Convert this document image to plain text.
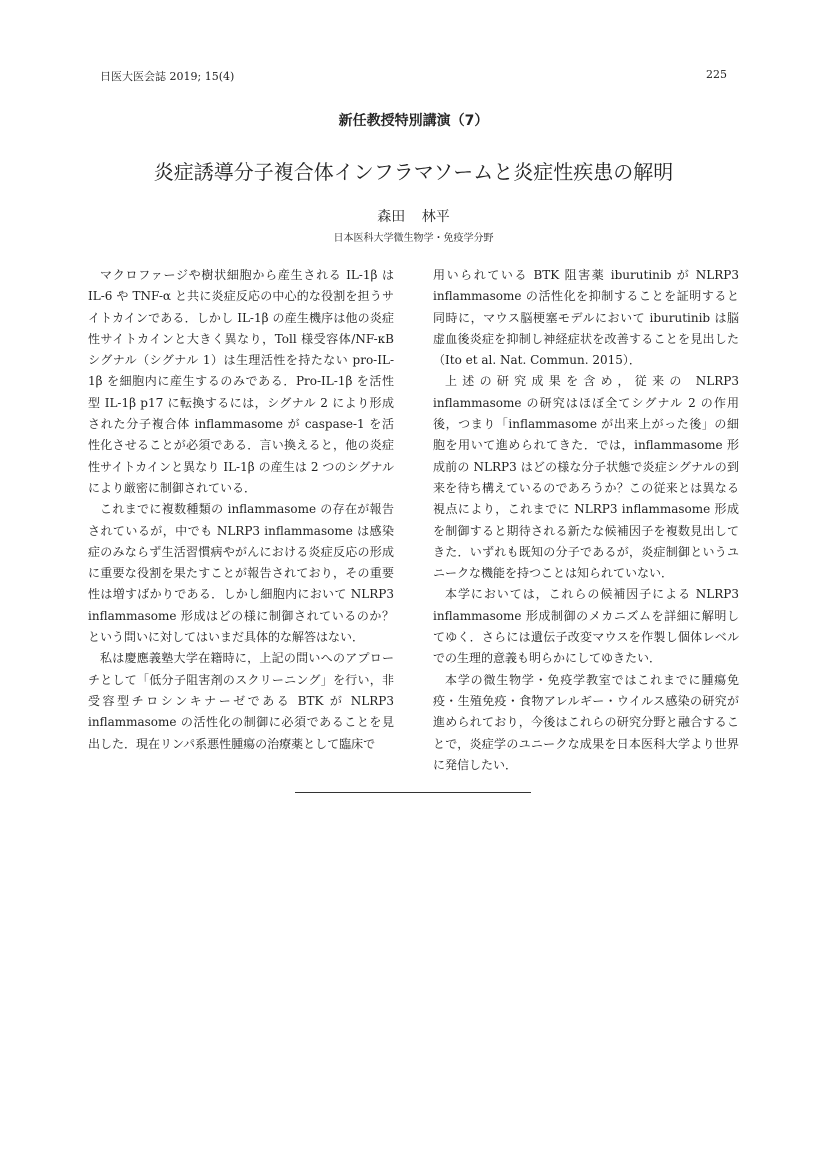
日医大医会誌 2019; 15(4)	225
新任教授特別講演（7）
炎症誘導分子複合体インフラマソームと炎症性疾患の解明
森田 林平
日本医科大学微生物学・免疫学分野

マクロファージや樹状細胞から産生される IL-1β は IL-6 や TNF-α と共に炎症反応の中心的な役割を担うサイトカインである．しかし IL-1β の産生機序は他の炎症性サイトカインと大きく異なり，Toll 様受容体/NF-κB シグナル（シグナル 1）は生理活性を持たない pro-IL-1β を細胞内に産生するのみである．Pro-IL-1β を活性型 IL-1β p17 に転換するには，シグナル 2 により形成された分子複合体 inflammasome が caspase-1 を活性化させることが必須である．言い換えると，他の炎症性サイトカインと異なり IL-1β の産生は 2 つのシグナルにより厳密に制御されている．

これまでに複数種類の inflammasome の存在が報告されているが，中でも NLRP3 inflammasome は感染症のみならず生活習慣病やがんにおける炎症反応の形成に重要な役割を果たすことが報告されており，その重要性は増すばかりである．しかし細胞内において NLRP3 inflammasome 形成はどの様に制御されているのか？という問いに対してはいまだ具体的な解答はない．

私は慶應義塾大学在籍時に，上記の問いへのアプローチとして「低分子阻害剤のスクリーニング」を行い，非受容型チロシンキナーゼである BTK が NLRP3 inflammasome の活性化の制御に必須であることを見出した．現在リンパ系悪性腫瘍の治療薬として臨床で

用いられている BTK 阻害薬 iburutinib が NLRP3 inflammasome の活性化を抑制することを証明すると同時に，マウス脳梗塞モデルにおいて iburutinib は脳虚血後炎症を抑制し神経症状を改善することを見出した（Ito et al. Nat. Commun. 2015）．

上述の研究成果を含め，従来の NLRP3 inflammasome の研究はほぼ全てシグナル 2 の作用後，つまり「inflammasome が出来上がった後」の細胞を用いて進められてきた．では，inflammasome 形成前の NLRP3 はどの様な分子状態で炎症シグナルの到来を待ち構えているのであろうか？この従来とは異なる視点により，これまでに NLRP3 inflammasome 形成を制御すると期待される新たな候補因子を複数見出してきた．いずれも既知の分子であるが，炎症制御というユニークな機能を持つことは知られていない．

本学においては，これらの候補因子による NLRP3 inflammasome 形成制御のメカニズムを詳細に解明してゆく．さらには遺伝子改変マウスを作製し個体レベルでの生理的意義も明らかにしてゆきたい．

本学の微生物学・免疫学教室ではこれまでに腫瘍免疫・生殖免疫・食物アレルギー・ウイルス感染の研究が進められており，今後はこれらの研究分野と融合することで，炎症学のユニークな成果を日本医科大学より世界に発信したい．
